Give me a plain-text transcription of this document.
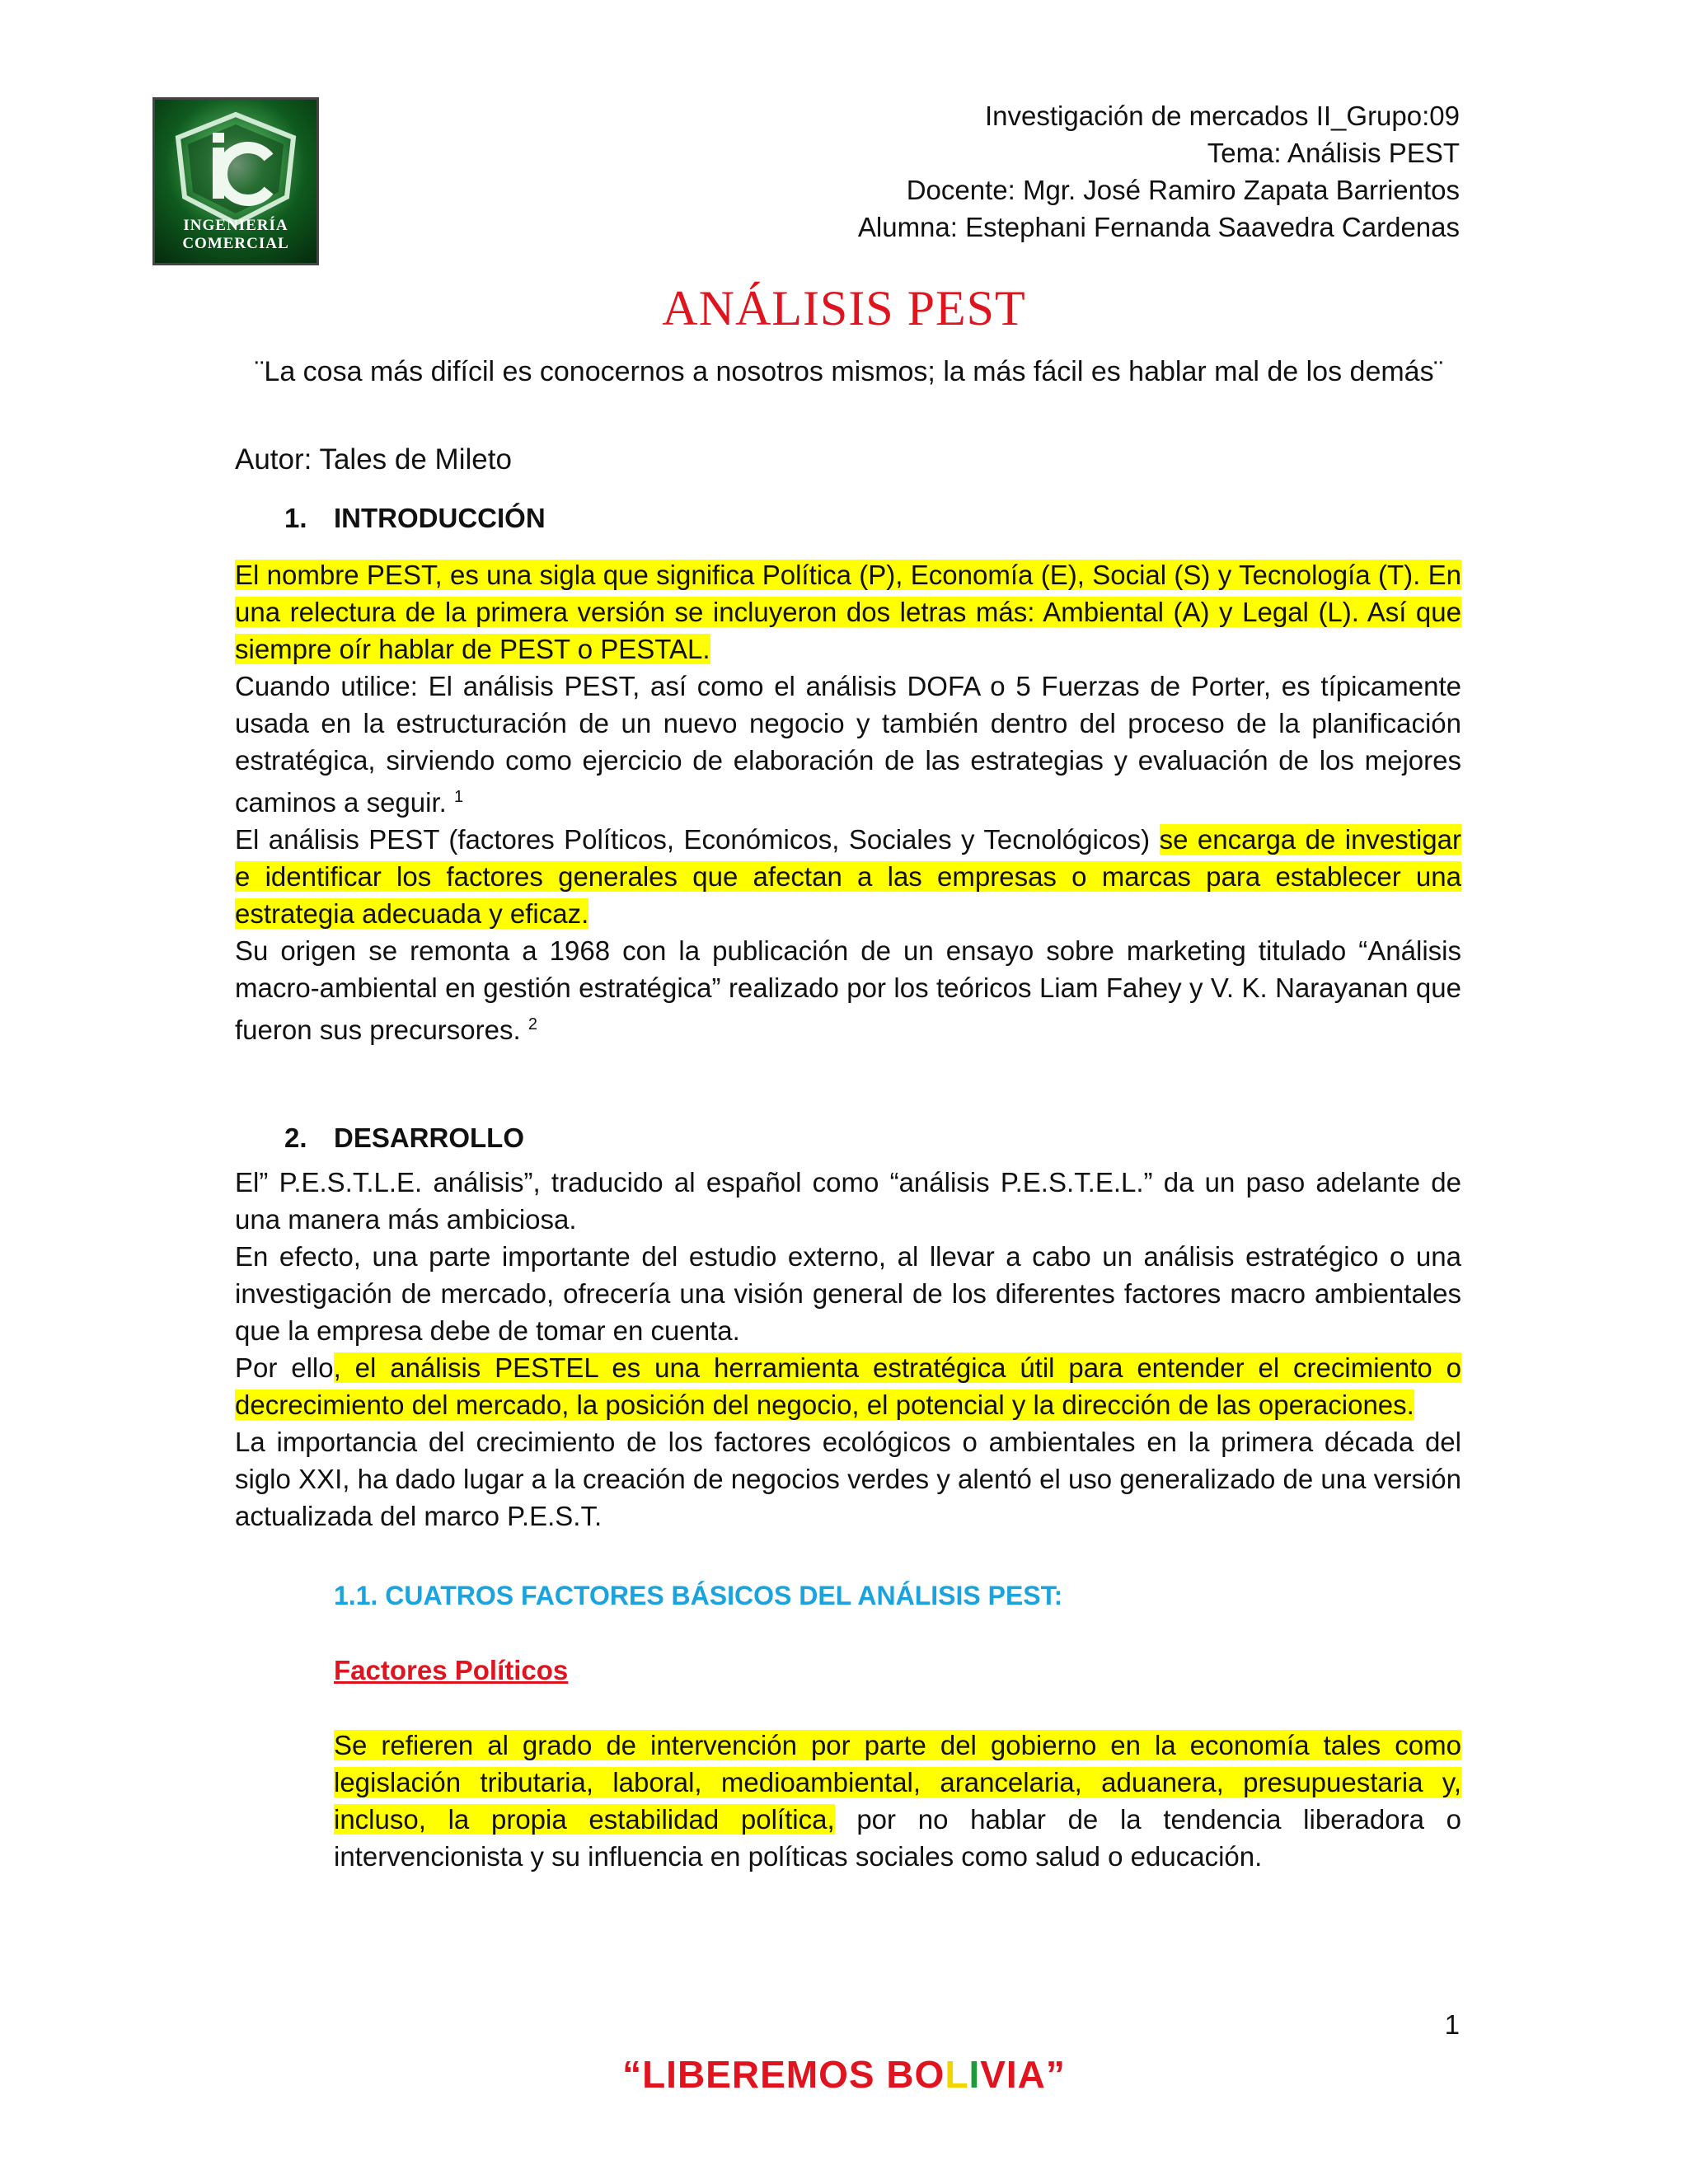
INGENIERÍA
COMERCIAL
Investigación de mercados II_Grupo:09
Tema: Análisis PEST
Docente: Mgr. José Ramiro Zapata Barrientos
Alumna: Estephani Fernanda Saavedra Cardenas
ANÁLISIS PEST
¨La cosa más difícil es conocernos a nosotros mismos; la más fácil es hablar mal de los demás¨
Autor: Tales de Mileto
1. INTRODUCCIÓN
El nombre PEST, es una sigla que significa Política (P), Economía (E), Social (S) y Tecnología (T). En una relectura de la primera versión se incluyeron dos letras más: Ambiental (A) y Legal (L). Así que siempre oír hablar de PEST o PESTAL.
Cuando utilice: El análisis PEST, así como el análisis DOFA o 5 Fuerzas de Porter, es típicamente usada en la estructuración de un nuevo negocio y también dentro del proceso de la planificación estratégica, sirviendo como ejercicio de elaboración de las estrategias y evaluación de los mejores caminos a seguir. $^1$
El análisis PEST (factores Políticos, Económicos, Sociales y Tecnológicos) se encarga de investigar e identificar los factores generales que afectan a las empresas o marcas para establecer una estrategia adecuada y eficaz.
Su origen se remonta a 1968 con la publicación de un ensayo sobre marketing titulado “Análisis macro-ambiental en gestión estratégica” realizado por los teóricos Liam Fahey y V. K. Narayanan que fueron sus precursores. $^2$
2. DESARROLLO
El” P.E.S.T.L.E. análisis”, traducido al español como “análisis P.E.S.T.E.L.” da un paso adelante de una manera más ambiciosa.
En efecto, una parte importante del estudio externo, al llevar a cabo un análisis estratégico o una investigación de mercado, ofrecería una visión general de los diferentes factores macro ambientales que la empresa debe de tomar en cuenta.
Por ello, el análisis PESTEL es una herramienta estratégica útil para entender el crecimiento o decrecimiento del mercado, la posición del negocio, el potencial y la dirección de las operaciones.
La importancia del crecimiento de los factores ecológicos o ambientales en la primera década del siglo XXI, ha dado lugar a la creación de negocios verdes y alentó el uso generalizado de una versión actualizada del marco P.E.S.T.
1.1. CUATROS FACTORES BÁSICOS DEL ANÁLISIS PEST:
Factores Políticos
Se refieren al grado de intervención por parte del gobierno en la economía tales como legislación tributaria, laboral, medioambiental, arancelaria, aduanera, presupuestaria y, incluso, la propia estabilidad política, por no hablar de la tendencia liberadora o intervencionista y su influencia en políticas sociales como salud o educación.
1
“LIBEREMOS BOLIVIA”
